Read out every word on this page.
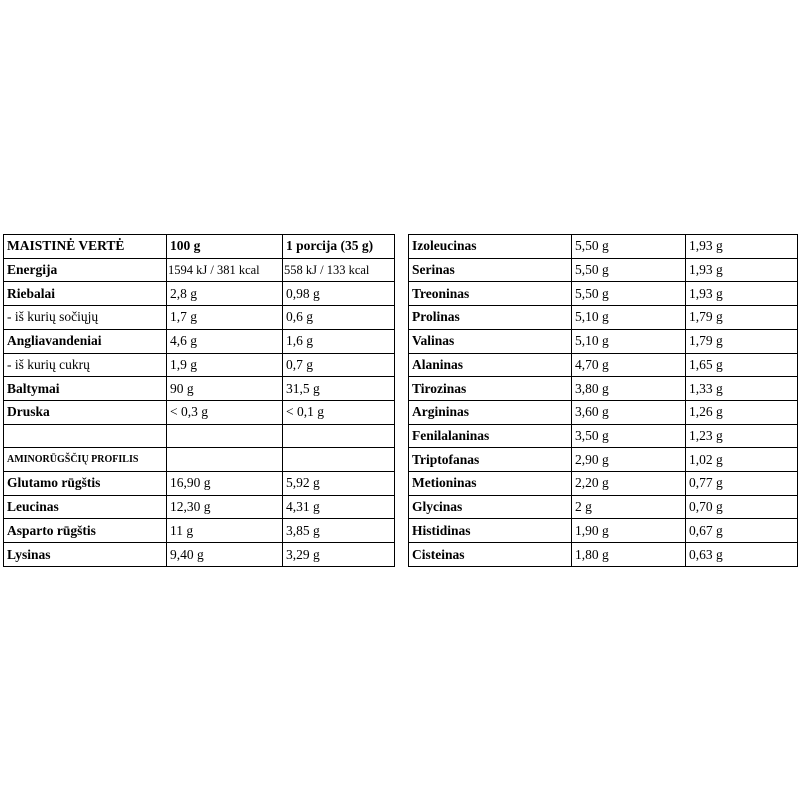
MAISTINĖ VERTĖ	100 g	1 porcija (35 g)		Izoleucinas	5,50 g	1,93 g
Energija	1594 kJ / 381 kcal	558 kJ / 133 kcal		Serinas	5,50 g	1,93 g
Riebalai	2,8 g	0,98 g		Treoninas	5,50 g	1,93 g
- iš kurių sočiųjų	1,7 g	0,6 g		Prolinas	5,10 g	1,79 g
Angliavandeniai	4,6 g	1,6 g		Valinas	5,10 g	1,79 g
- iš kurių cukrų	1,9 g	0,7 g		Alaninas	4,70 g	1,65 g
Baltymai	90 g	31,5 g		Tirozinas	3,80 g	1,33 g
Druska	< 0,3 g	< 0,1 g		Argininas	3,60 g	1,26 g
				Fenilalaninas	3,50 g	1,23 g
AMINORŪGŠČIŲ PROFILIS				Triptofanas	2,90 g	1,02 g
Glutamo rūgštis	16,90 g	5,92 g		Metioninas	2,20 g	0,77 g
Leucinas	12,30 g	4,31 g		Glycinas	2 g	0,70 g
Asparto rūgštis	11 g	3,85 g		Histidinas	1,90 g	0,67 g
Lysinas	9,40 g	3,29 g		Cisteinas	1,80 g	0,63 g
